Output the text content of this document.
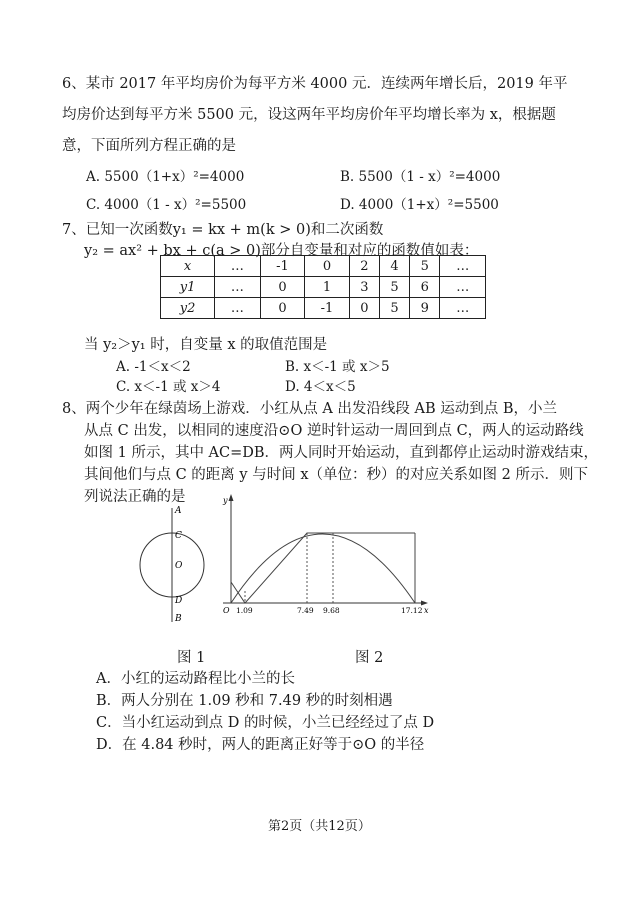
6、某市 2017 年平均房价为每平方米 4000 元．连续两年增长后，2019 年平
均房价达到每平方米 5500 元，设这两年平均房价年平均增长率为 x，根据题
意，下面所列方程正确的是
A. 5500（1+x）²=4000	B. 5500（1 - x）²=4000
C. 4000（1 - x）²=5500	D. 4000（1+x）²=5500
7、已知一次函数y₁ = kx + m(k > 0)和二次函数
y₂ = ax² + bx + c(a > 0)部分自变量和对应的函数值如表：
x	…	-1	0	2	4	5	…
y1	…	0	1	3	5	6	…
y2	…	0	-1	0	5	9	…
当 y₂＞y₁ 时，自变量 x 的取值范围是
A. -1＜x＜2	B. x＜-1 或 x＞5
C. x＜-1 或 x＞4	D. 4＜x＜5
8、两个少年在绿茵场上游戏．小红从点 A 出发沿线段 AB 运动到点 B，小兰
从点 C 出发，以相同的速度沿⊙O 逆时针运动一周回到点 C，两人的运动路线
如图 1 所示，其中 AC=DB．两人同时开始运动，直到都停止运动时游戏结束，
其间他们与点 C 的距离 y 与时间 x（单位：秒）的对应关系如图 2 所示．则下
列说法正确的是
A
C
O
D
B
y
x
O 1.09	7.49 9.68	17.12
图 1	图 2
A．小红的运动路程比小兰的长
B．两人分别在 1.09 秒和 7.49 秒的时刻相遇
C．当小红运动到点 D 的时候，小兰已经经过了点 D
D．在 4.84 秒时，两人的距离正好等于⊙O 的半径
第2页（共12页）
